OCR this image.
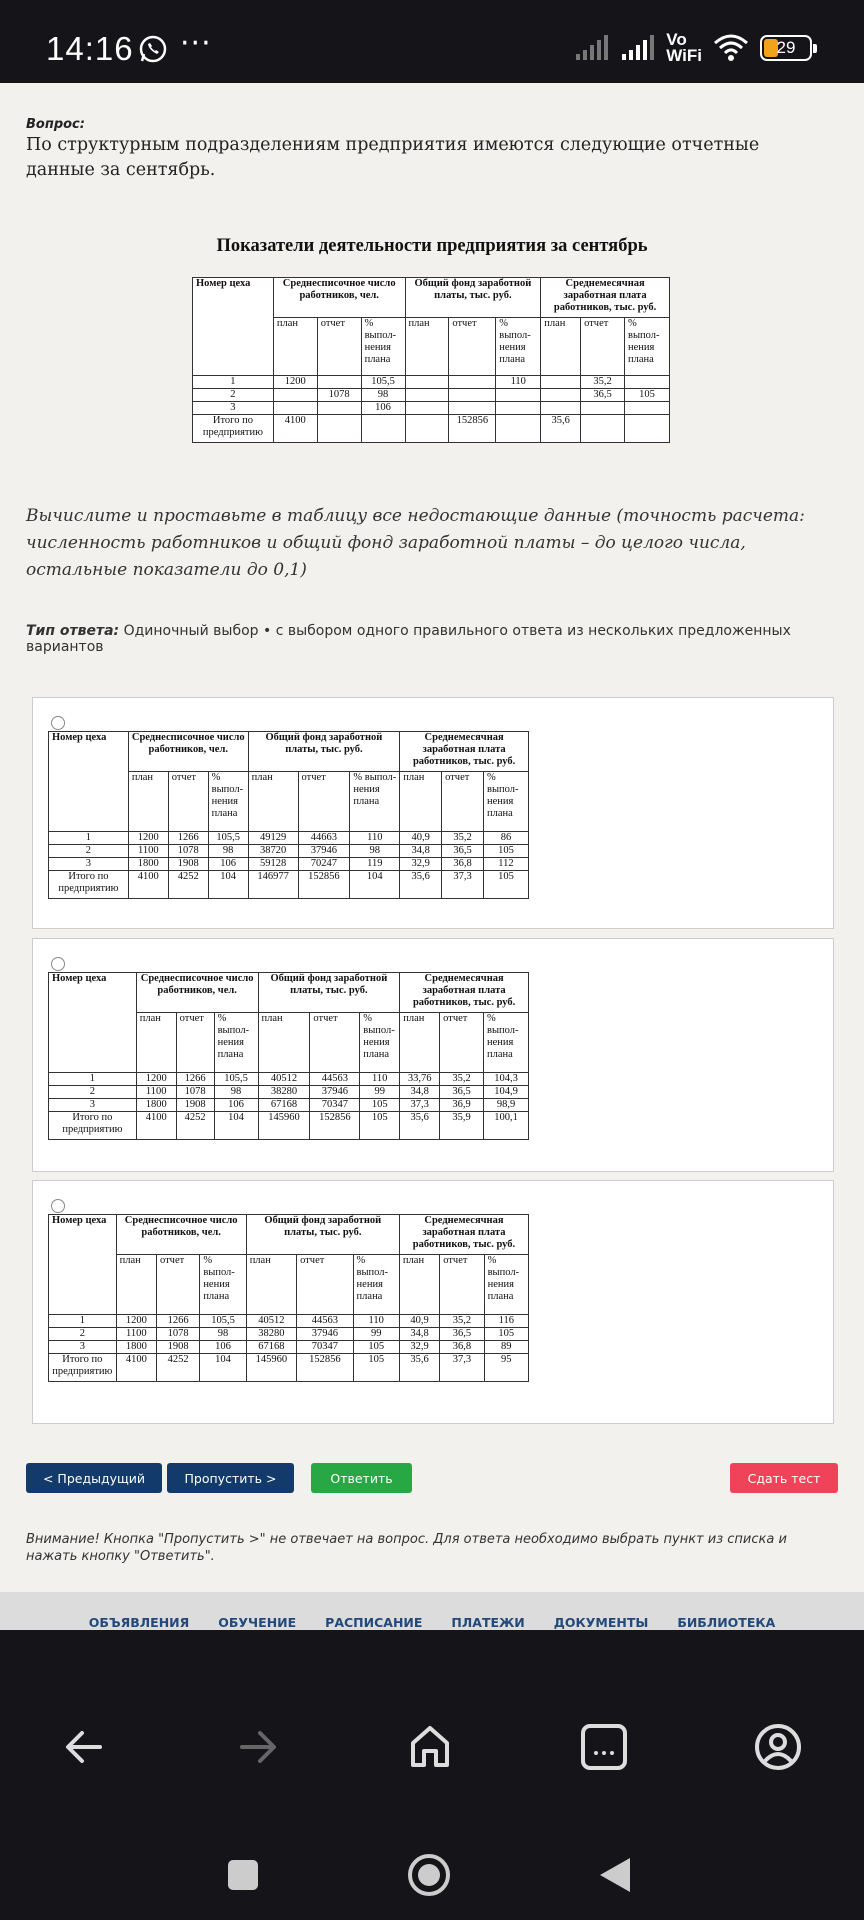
14:16 ···	Vo
WiFi	29
Вопрос:
По структурным подразделениям предприятия имеются следующие отчетные данные за сентябрь.
Показатели деятельности предприятия за сентябрь
Номер цеха	Среднесписочное число работников, чел.			Общий фонд заработной платы, тыс. руб.			Среднемесячная заработная плата работников, тыс. руб.		
	план	отчет	% выпол-нения плана	план	отчет	% выпол-нения плана	план	отчет	% выпол-нения плана
1	1200		105,5			110		35,2	
2		1078	98					36,5	105
3			106						
Итого по предприятию	4100				152856		35,6		
Вычислите и проставьте в таблицу все недостающие данные (точность расчета: численность работников и общий фонд заработной платы – до целого числа, остальные показатели до 0,1)
Тип ответа: Одиночный выбор • с выбором одного правильного ответа из нескольких предложенных вариантов
Номер цеха	Среднесписочное число работников, чел.			Общий фонд заработной платы, тыс. руб.			Среднемесячная заработная плата работников, тыс. руб.		
	план	отчет	% выпол-нения плана	план	отчет	% выпол-нения плана	план	отчет	% выпол-нения плана
1	1200	1266	105,5	49129	44663	110	40,9	35,2	86
2	1100	1078	98	38720	37946	98	34,8	36,5	105
3	1800	1908	106	59128	70247	119	32,9	36,8	112
Итого по предприятию	4100	4252	104	146977	152856	104	35,6	37,3	105
Номер цеха	Среднесписочное число работников, чел.			Общий фонд заработной платы, тыс. руб.			Среднемесячная заработная плата работников, тыс. руб.		
	план	отчет	% выпол-нения плана	план	отчет	% выпол-нения плана	план	отчет	% выпол-нения плана
1	1200	1266	105,5	40512	44563	110	33,76	35,2	104,3
2	1100	1078	98	38280	37946	99	34,8	36,5	104,9
3	1800	1908	106	67168	70347	105	37,3	36,9	98,9
Итого по предприятию	4100	4252	104	145960	152856	105	35,6	35,9	100,1
Номер цеха	Среднесписочное число работников, чел.			Общий фонд заработной платы, тыс. руб.			Среднемесячная заработная плата работников, тыс. руб.		
	план	отчет	% выпол-нения плана	план	отчет	% выпол-нения плана	план	отчет	% выпол-нения плана
1	1200	1266	105,5	40512	44563	110	40,9	35,2	116
2	1100	1078	98	38280	37946	99	34,8	36,5	105
3	1800	1908	106	67168	70347	105	32,9	36,8	89
Итого по предприятию	4100	4252	104	145960	152856	105	35,6	37,3	95
< Предыдущий	Пропустить >	Ответить	Сдать тест
Внимание! Кнопка "Пропустить >" не отвечает на вопрос. Для ответа необходимо выбрать пункт из списка и нажать кнопку "Ответить".
ОБЪЯВЛЕНИЯ ОБУЧЕНИЕ РАСПИСАНИЕ ПЛАТЕЖИ ДОКУМЕНТЫ БИБЛИОТЕКА
